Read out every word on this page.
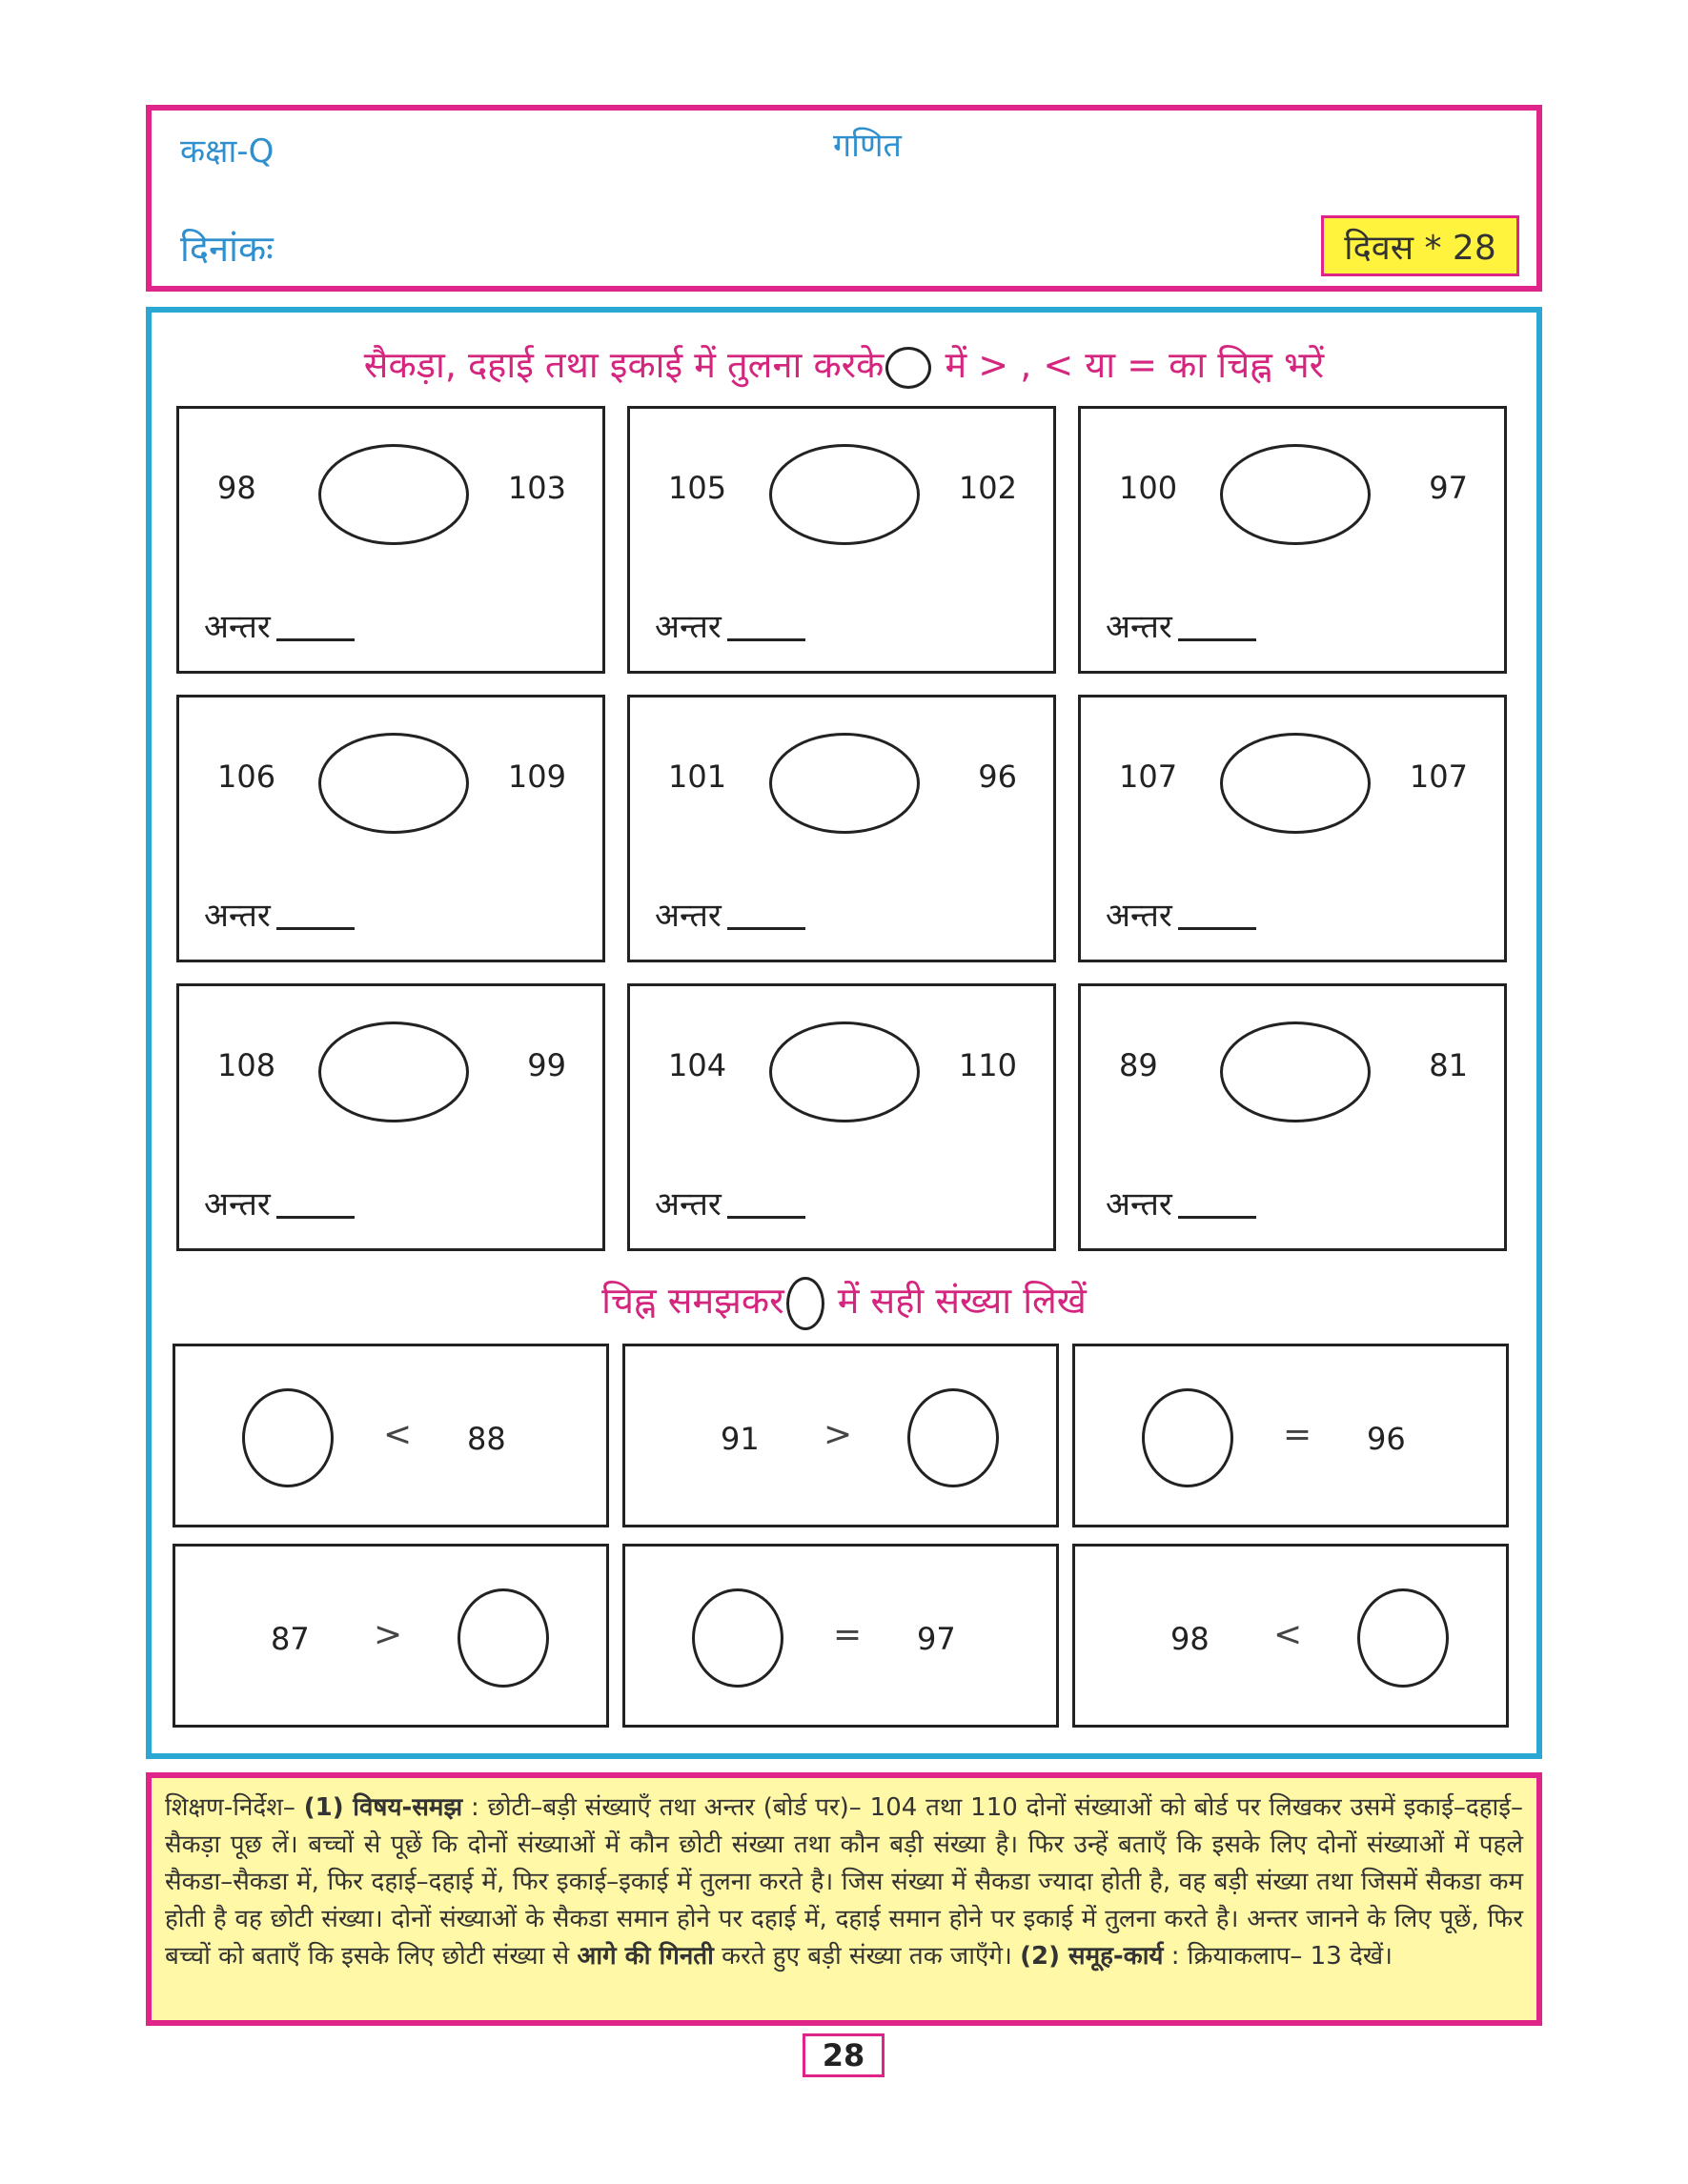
कक्षा-Q	गणित
दिनांकः	दिवस * 28
सैकड़ा, दहाई तथा इकाई में तुलना करके में > , < या = का चिह्न भरें
98	103
अन्तर
105	102
अन्तर
100	97
अन्तर
106	109
अन्तर
101	96
अन्तर
107	107
अन्तर
108	99
अन्तर
104	110
अन्तर
89	81
अन्तर
चिह्न समझकर में सही संख्या लिखें
< 88	91 >	= 96
87 >	= 97	98 <
शिक्षण-निर्देश– (1) विषय-समझ : छोटी–बड़ी संख्याएँ तथा अन्तर (बोर्ड पर)– 104 तथा 110 दोनों संख्याओं को बोर्ड पर लिखकर उसमें इकाई–दहाई–सैकड़ा पूछ लें। बच्चों से पूछें कि दोनों संख्याओं में कौन छोटी संख्या तथा कौन बड़ी संख्या है। फिर उन्हें बताएँ कि इसके लिए दोनों संख्याओं में पहले सैकडा–सैकडा में, फिर दहाई–दहाई में, फिर इकाई–इकाई में तुलना करते है। जिस संख्या में सैकडा ज्यादा होती है, वह बड़ी संख्या तथा जिसमें सैकडा कम होती है वह छोटी संख्या। दोनों संख्याओं के सैकडा समान होने पर दहाई में, दहाई समान होने पर इकाई में तुलना करते है। अन्तर जानने के लिए पूछें, फिर बच्चों को बताएँ कि इसके लिए छोटी संख्या से आगे की गिनती करते हुए बड़ी संख्या तक जाएँगे। (2) समूह-कार्य : क्रियाकलाप– 13 देखें।
28
